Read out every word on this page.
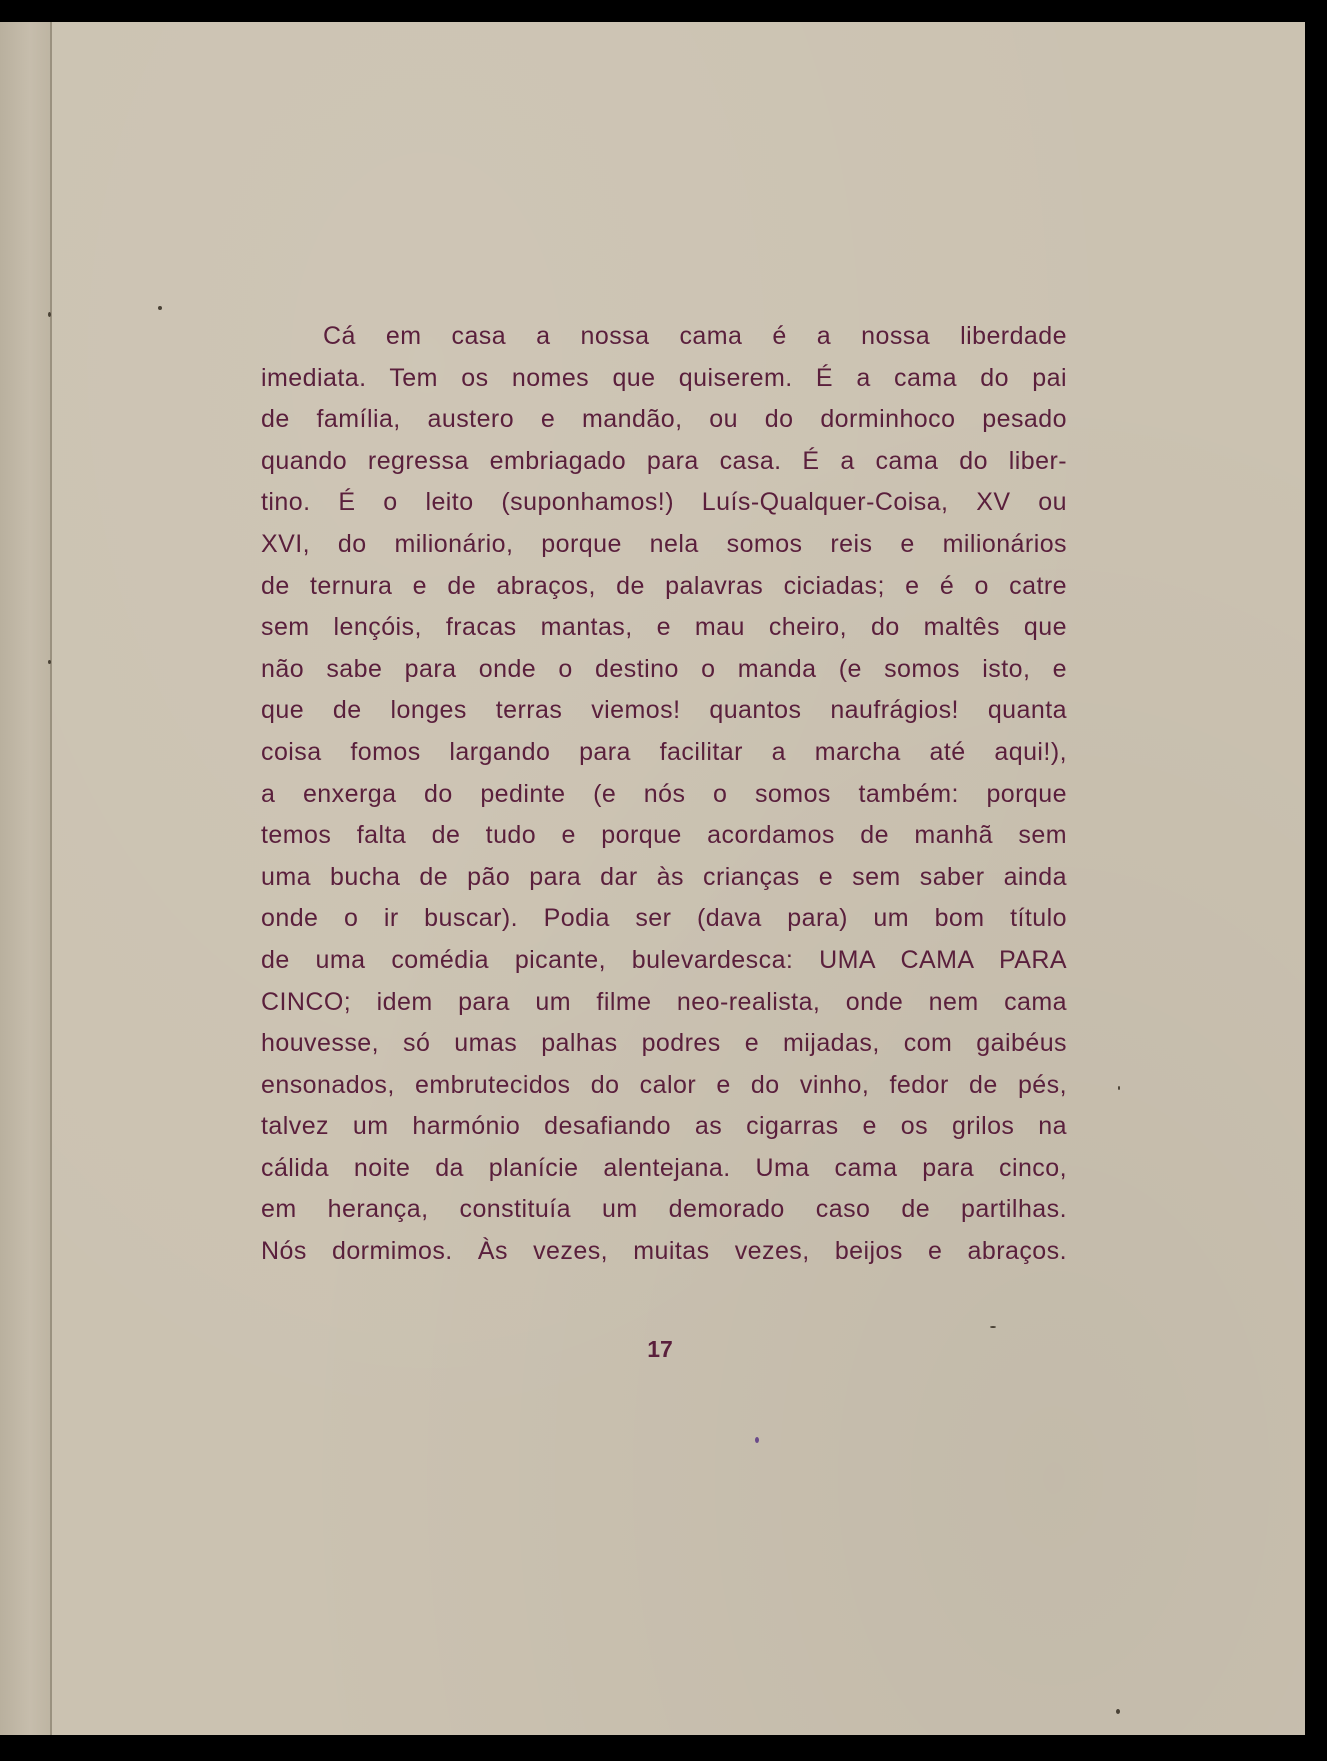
Cá em casa a nossa cama é a nossa liberdade
imediata. Tem os nomes que quiserem. É a cama do pai
de família, austero e mandão, ou do dorminhoco pesado
quando regressa embriagado para casa. É a cama do liber-
tino. É o leito (suponhamos!) Luís-Qualquer-Coisa, XV ou
XVI, do milionário, porque nela somos reis e milionários
de ternura e de abraços, de palavras ciciadas; e é o catre
sem lençóis, fracas mantas, e mau cheiro, do maltês que
não sabe para onde o destino o manda (e somos isto, e
que de longes terras viemos! quantos naufrágios! quanta
coisa fomos largando para facilitar a marcha até aqui!),
a enxerga do pedinte (e nós o somos também: porque
temos falta de tudo e porque acordamos de manhã sem
uma bucha de pão para dar às crianças e sem saber ainda
onde o ir buscar). Podia ser (dava para) um bom título
de uma comédia picante, bulevardesca: UMA CAMA PARA
CINCO; idem para um filme neo-realista, onde nem cama
houvesse, só umas palhas podres e mijadas, com gaibéus
ensonados, embrutecidos do calor e do vinho, fedor de pés,
talvez um harmónio desafiando as cigarras e os grilos na
cálida noite da planície alentejana. Uma cama para cinco,
em herança, constituía um demorado caso de partilhas.
Nós dormimos. Às vezes, muitas vezes, beijos e abraços.
17
